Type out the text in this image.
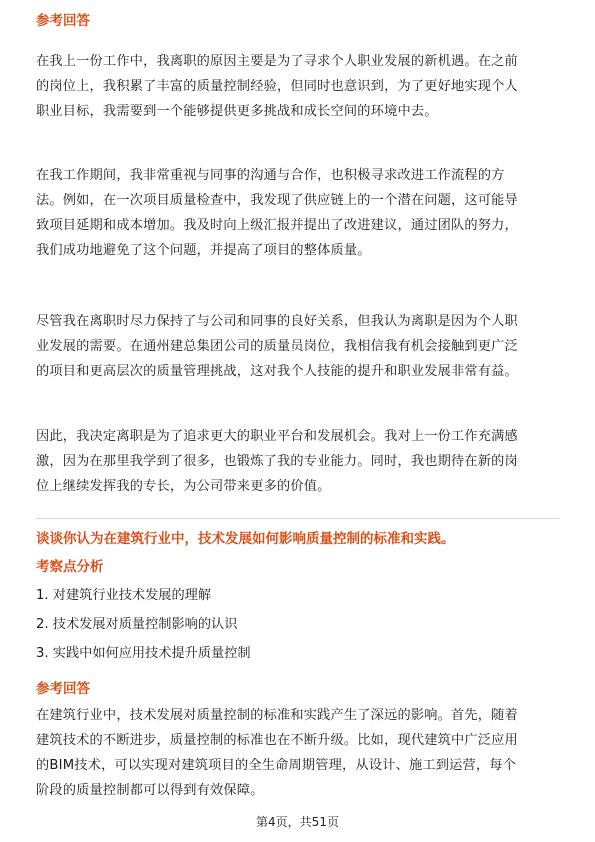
参考回答

在我上一份工作中，我离职的原因主要是为了寻求个人职业发展的新机遇。在之前

的岗位上，我积累了丰富的质量控制经验，但同时也意识到，为了更好地实现个人

职业目标，我需要到一个能够提供更多挑战和成长空间的环境中去。

在我工作期间，我非常重视与同事的沟通与合作，也积极寻求改进工作流程的方

法。例如，在一次项目质量检查中，我发现了供应链上的一个潜在问题，这可能导

致项目延期和成本增加。我及时向上级汇报并提出了改进建议，通过团队的努力，

我们成功地避免了这个问题，并提高了项目的整体质量。

尽管我在离职时尽力保持了与公司和同事的良好关系，但我认为离职是因为个人职

业发展的需要。在通州建总集团公司的质量员岗位，我相信我有机会接触到更广泛

的项目和更高层次的质量管理挑战，这对我个人技能的提升和职业发展非常有益。

因此，我决定离职是为了追求更大的职业平台和发展机会。我对上一份工作充满感

激，因为在那里我学到了很多，也锻炼了我的专业能力。同时，我也期待在新的岗

位上继续发挥我的专长，为公司带来更多的价值。

谈谈你认为在建筑行业中，技术发展如何影响质量控制的标准和实践。

考察点分析

1. 对建筑行业技术发展的理解

2. 技术发展对质量控制影响的认识

3. 实践中如何应用技术提升质量控制

参考回答

在建筑行业中，技术发展对质量控制的标准和实践产生了深远的影响。首先，随着

建筑技术的不断进步，质量控制的标准也在不断升级。比如，现代建筑中广泛应用

的BIM技术，可以实现对建筑项目的全生命周期管理，从设计、施工到运营，每个

阶段的质量控制都可以得到有效保障。

第4页，共51页
